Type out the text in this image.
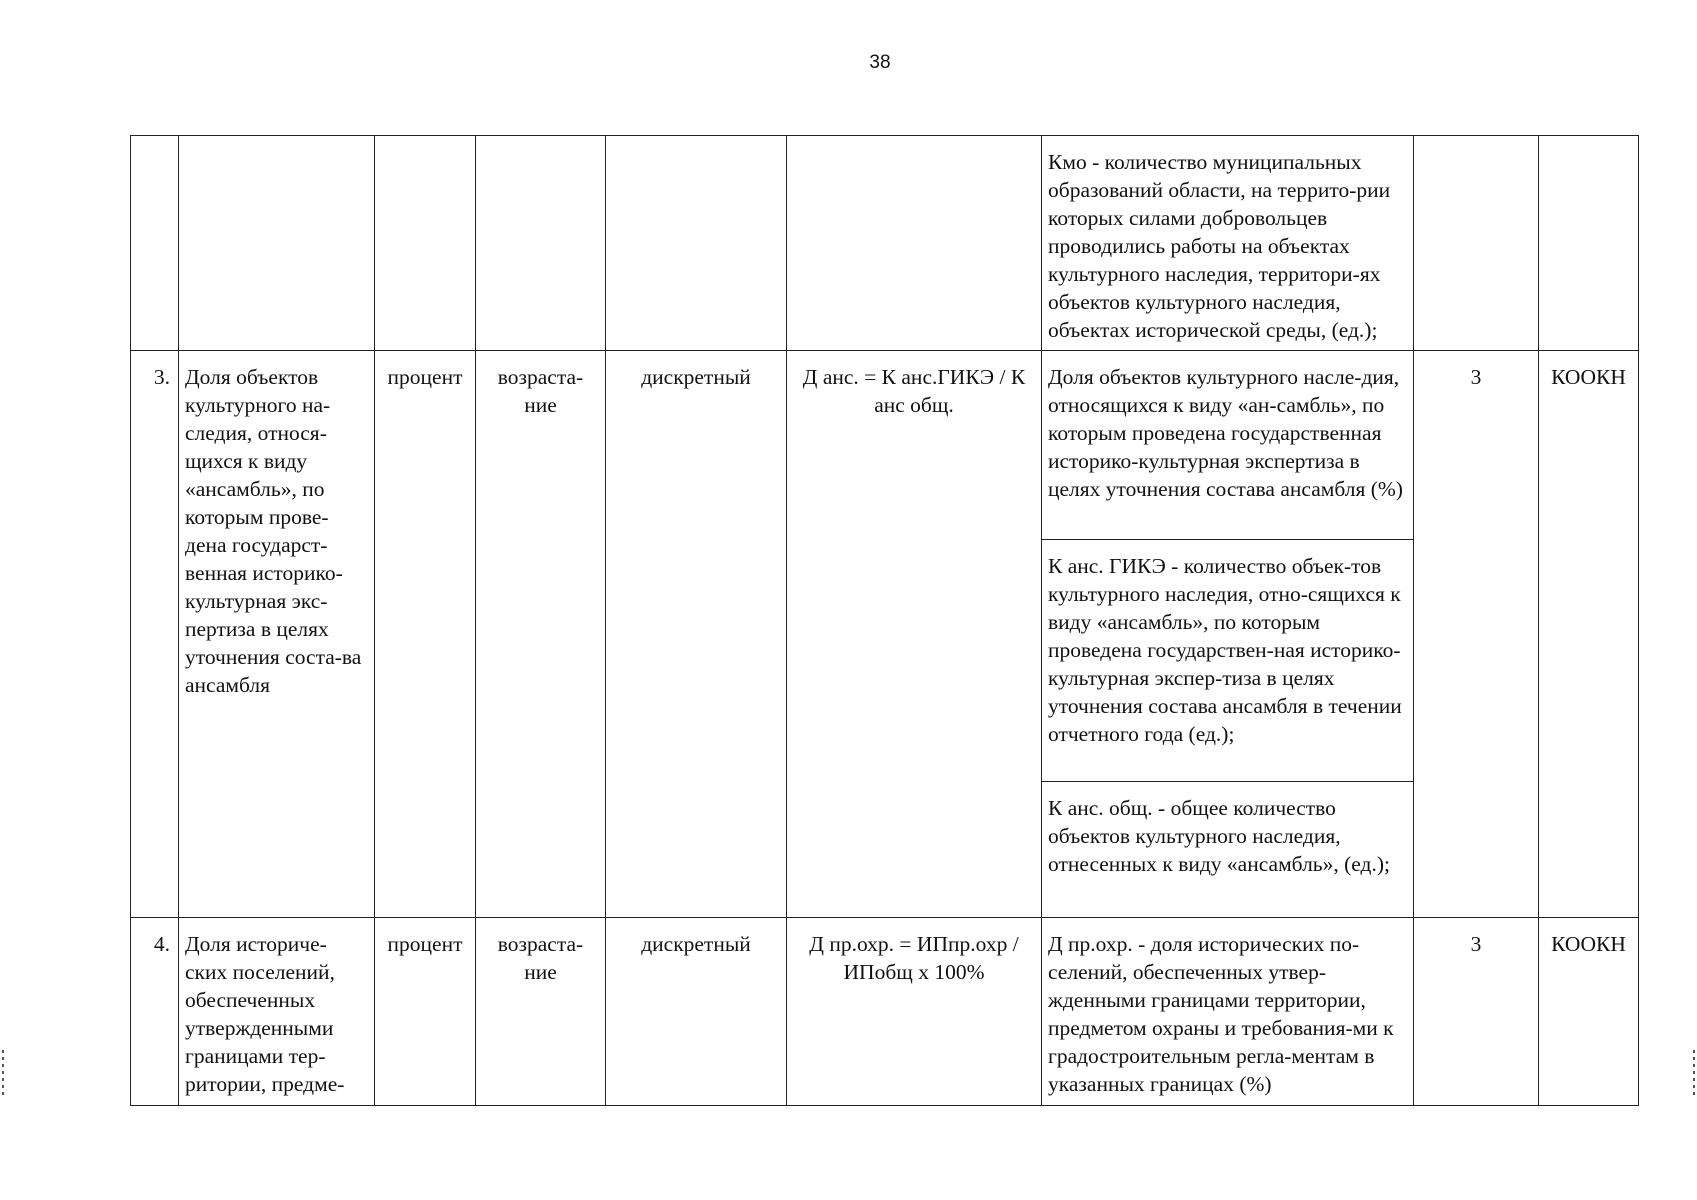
38
						Кмо - количество муниципальных образований области, на террито-рии которых силами добровольцев проводились работы на объектах культурного наследия, территори-ях объектов культурного наследия, объектах исторической среды, (ед.);		
3.	Доля объектов культурного на-следия, относя-щихся к виду «ансамбль», по которым прове-дена государст-венная историко-культурная экс-пертиза в целях уточнения соста-ва ансамбля	процент	возраста-ние	дискретный	Д анс. = К анс.ГИКЭ / К анс общ.	Доля объектов культурного насле-дия, относящихся к виду «ан-самбль», по которым проведена государственная историко-культурная экспертиза в целях уточнения состава ансамбля (%)	3	КООКН
						К анс. ГИКЭ - количество объек-тов культурного наследия, отно-сящихся к виду «ансамбль», по которым проведена государствен-ная историко-культурная экспер-тиза в целях уточнения состава ансамбля в течении отчетного года (ед.);		
						К анс. общ. - общее количество объектов культурного наследия, отнесенных к виду «ансамбль», (ед.);		
4.	Доля историче-ских поселений, обеспеченных утвержденными границами тер-ритории, предме-	процент	возраста-ние	дискретный	Д пр.охр. = ИПпр.охр / ИПобщ х 100%	Д пр.охр. - доля исторических по-селений, обеспеченных утвер-жденными границами территории, предметом охраны и требования-ми к градостроительным регла-ментам в указанных границах (%)	3	КООКН
